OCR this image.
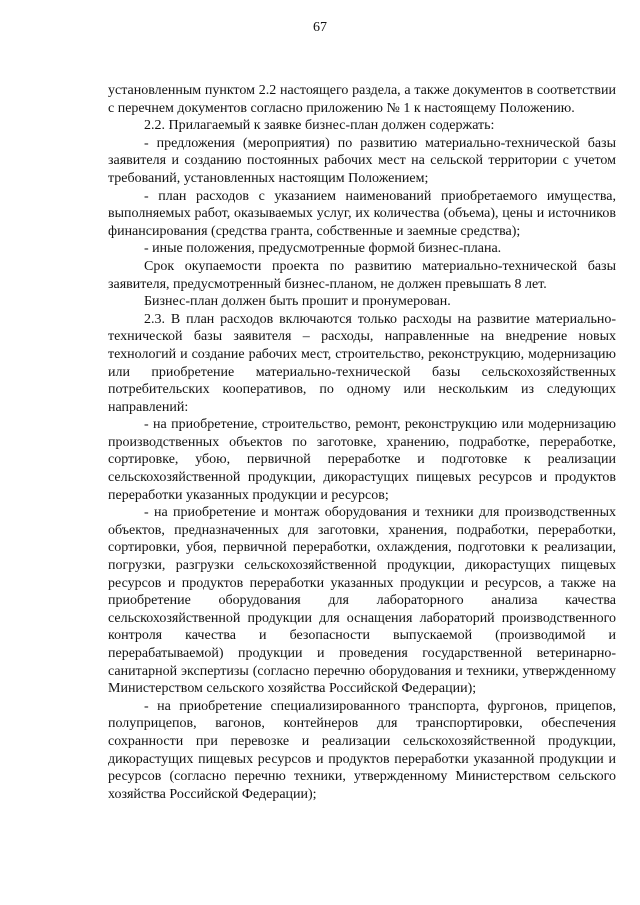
67

установленным пунктом 2.2 настоящего раздела, а также документов в соответствии с перечнем документов согласно приложению № 1 к настоящему Положению.

2.2. Прилагаемый к заявке бизнес-план должен содержать:

- предложения (мероприятия) по развитию материально-технической базы заявителя и созданию постоянных рабочих мест на сельской территории с учетом требований, установленных настоящим Положением;

- план расходов с указанием наименований приобретаемого имущества, выполняемых работ, оказываемых услуг, их количества (объема), цены и источников финансирования (средства гранта, собственные и заемные средства);

- иные положения, предусмотренные формой бизнес-плана.

Срок окупаемости проекта по развитию материально-технической базы заявителя, предусмотренный бизнес-планом, не должен превышать 8 лет.

Бизнес-план должен быть прошит и пронумерован.

2.3. В план расходов включаются только расходы на развитие материально-технической базы заявителя – расходы, направленные на внедрение новых технологий и создание рабочих мест, строительство, реконструкцию, модернизацию или приобретение материально-технической базы сельскохозяйственных потребительских кооперативов, по одному или нескольким из следующих направлений:

- на приобретение, строительство, ремонт, реконструкцию или модернизацию производственных объектов по заготовке, хранению, подработке, переработке, сортировке, убою, первичной переработке и подготовке к реализации сельскохозяйственной продукции, дикорастущих пищевых ресурсов и продуктов переработки указанных продукции и ресурсов;

- на приобретение и монтаж оборудования и техники для производственных объектов, предназначенных для заготовки, хранения, подработки, переработки, сортировки, убоя, первичной переработки, охлаждения, подготовки к реализации, погрузки, разгрузки сельскохозяйственной продукции, дикорастущих пищевых ресурсов и продуктов переработки указанных продукции и ресурсов, а также на приобретение оборудования для лабораторного анализа качества сельскохозяйственной продукции для оснащения лабораторий производственного контроля качества и безопасности выпускаемой (производимой и перерабатываемой) продукции и проведения государственной ветеринарно-санитарной экспертизы (согласно перечню оборудования и техники, утвержденному Министерством сельского хозяйства Российской Федерации);

- на приобретение специализированного транспорта, фургонов, прицепов, полуприцепов, вагонов, контейнеров для транспортировки, обеспечения сохранности при перевозке и реализации сельскохозяйственной продукции, дикорастущих пищевых ресурсов и продуктов переработки указанной продукции и ресурсов (согласно перечню техники, утвержденному Министерством сельского хозяйства Российской Федерации);
